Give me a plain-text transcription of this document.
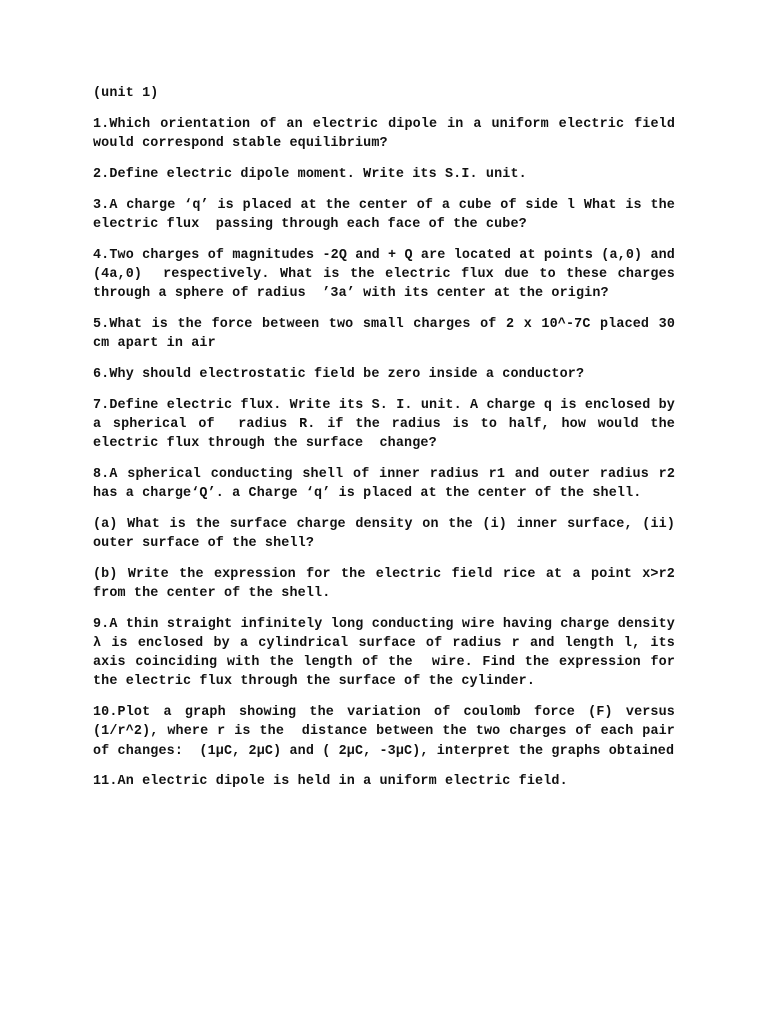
(unit 1)
1.Which orientation of an electric dipole in a uniform electric field would correspond stable equilibrium?
2.Define electric dipole moment. Write its S.I. unit.
3.A charge ‘q’ is placed at the center of a cube of side l What is the electric flux  passing through each face of the cube?
4.Two charges of magnitudes -2Q and + Q are located at points (a,0) and (4a,0)  respectively. What is the electric flux due to these charges through a sphere of radius  ’3a’ with its center at the origin?
5.What is the force between two small charges of 2 x 10^-7C placed 30 cm apart in air
6.Why should electrostatic field be zero inside a conductor?
7.Define electric flux. Write its S. I. unit. A charge q is enclosed by a spherical of  radius R. if the radius is to half, how would the electric flux through the surface  change?
8.A spherical conducting shell of inner radius r1 and outer radius r2 has a charge‘Q’. a Charge ‘q’ is placed at the center of the shell.
(a) What is the surface charge density on the (i) inner surface, (ii) outer surface of the shell?
(b) Write the expression for the electric field rice at a point x>r2 from the center of the shell.
9.A thin straight infinitely long conducting wire having charge density λ is enclosed by a cylindrical surface of radius r and length l, its axis coinciding with the length of the  wire. Find the expression for the electric flux through the surface of the cylinder.
10.Plot a graph showing the variation of coulomb force (F) versus (1/r^2), where r is the  distance between the two charges of each pair of changes:  (1μC, 2μC) and ( 2μC, -3μC), interpret the graphs obtained
11.An electric dipole is held in a uniform electric field.
